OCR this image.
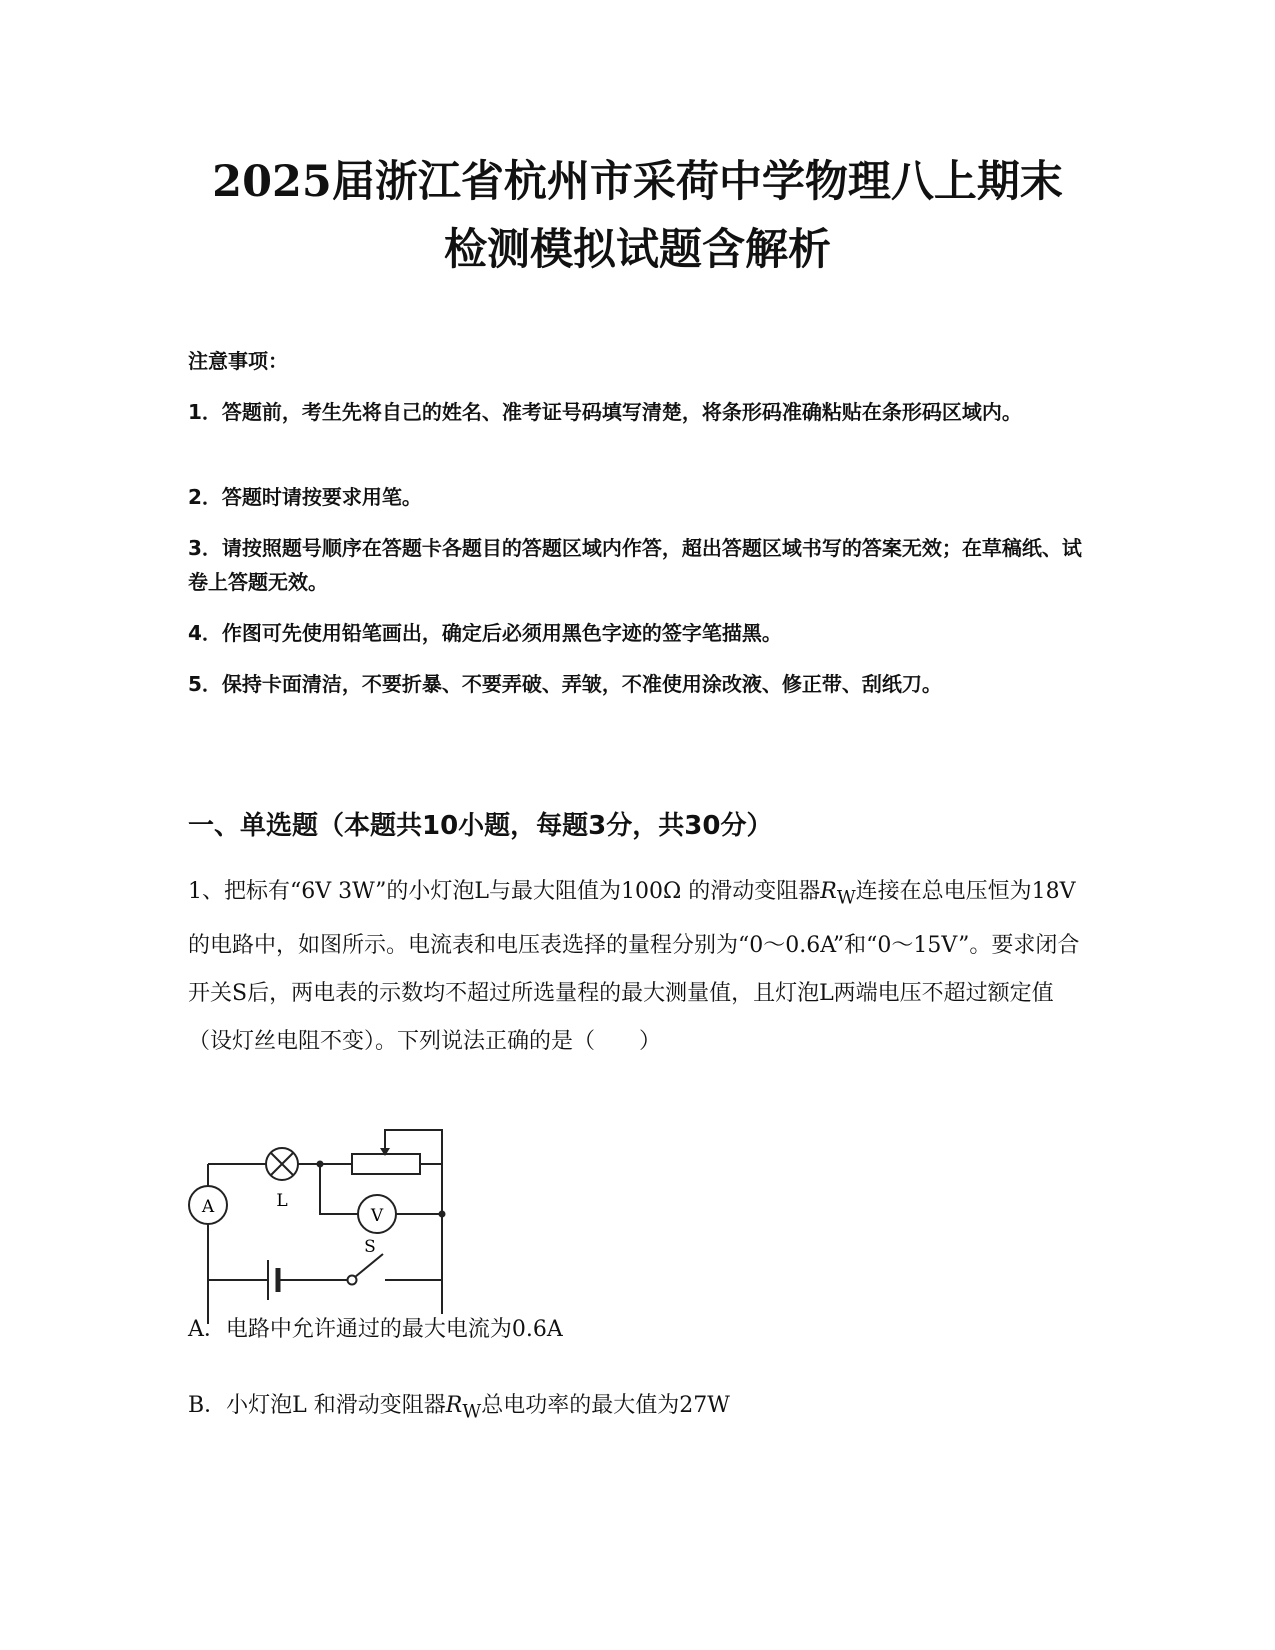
2025届浙江省杭州市采荷中学物理八上期末
检测模拟试题含解析
注意事项：
1．答题前，考生先将自己的姓名、准考证号码填写清楚，将条形码准确粘贴在条形码区域内。
2．答题时请按要求用笔。
3．请按照题号顺序在答题卡各题目的答题区域内作答，超出答题区域书写的答案无效；在草稿纸、试卷上答题无效。
4．作图可先使用铅笔画出，确定后必须用黑色字迹的签字笔描黑。
5．保持卡面清洁，不要折暴、不要弄破、弄皱，不准使用涂改液、修正带、刮纸刀。
一、单选题（本题共10小题，每题3分，共30分）

1、把标有“6V 3W”的小灯泡L与最大阻值为100Ω 的滑动变阻器$R_W$连接在总电压恒为18V的电路中，如图所示。电流表和电压表选择的量程分别为“0～0.6A”和“0～15V”。要求闭合开关S后，两电表的示数均不超过所选量程的最大测量值，且灯泡L两端电压不超过额定值（设灯丝电阻不变）。下列说法正确的是（　　）

A	L
V
S
A．电路中允许通过的最大电流为0.6A
B．小灯泡L 和滑动变阻器$R_W$总电功率的最大值为27W
